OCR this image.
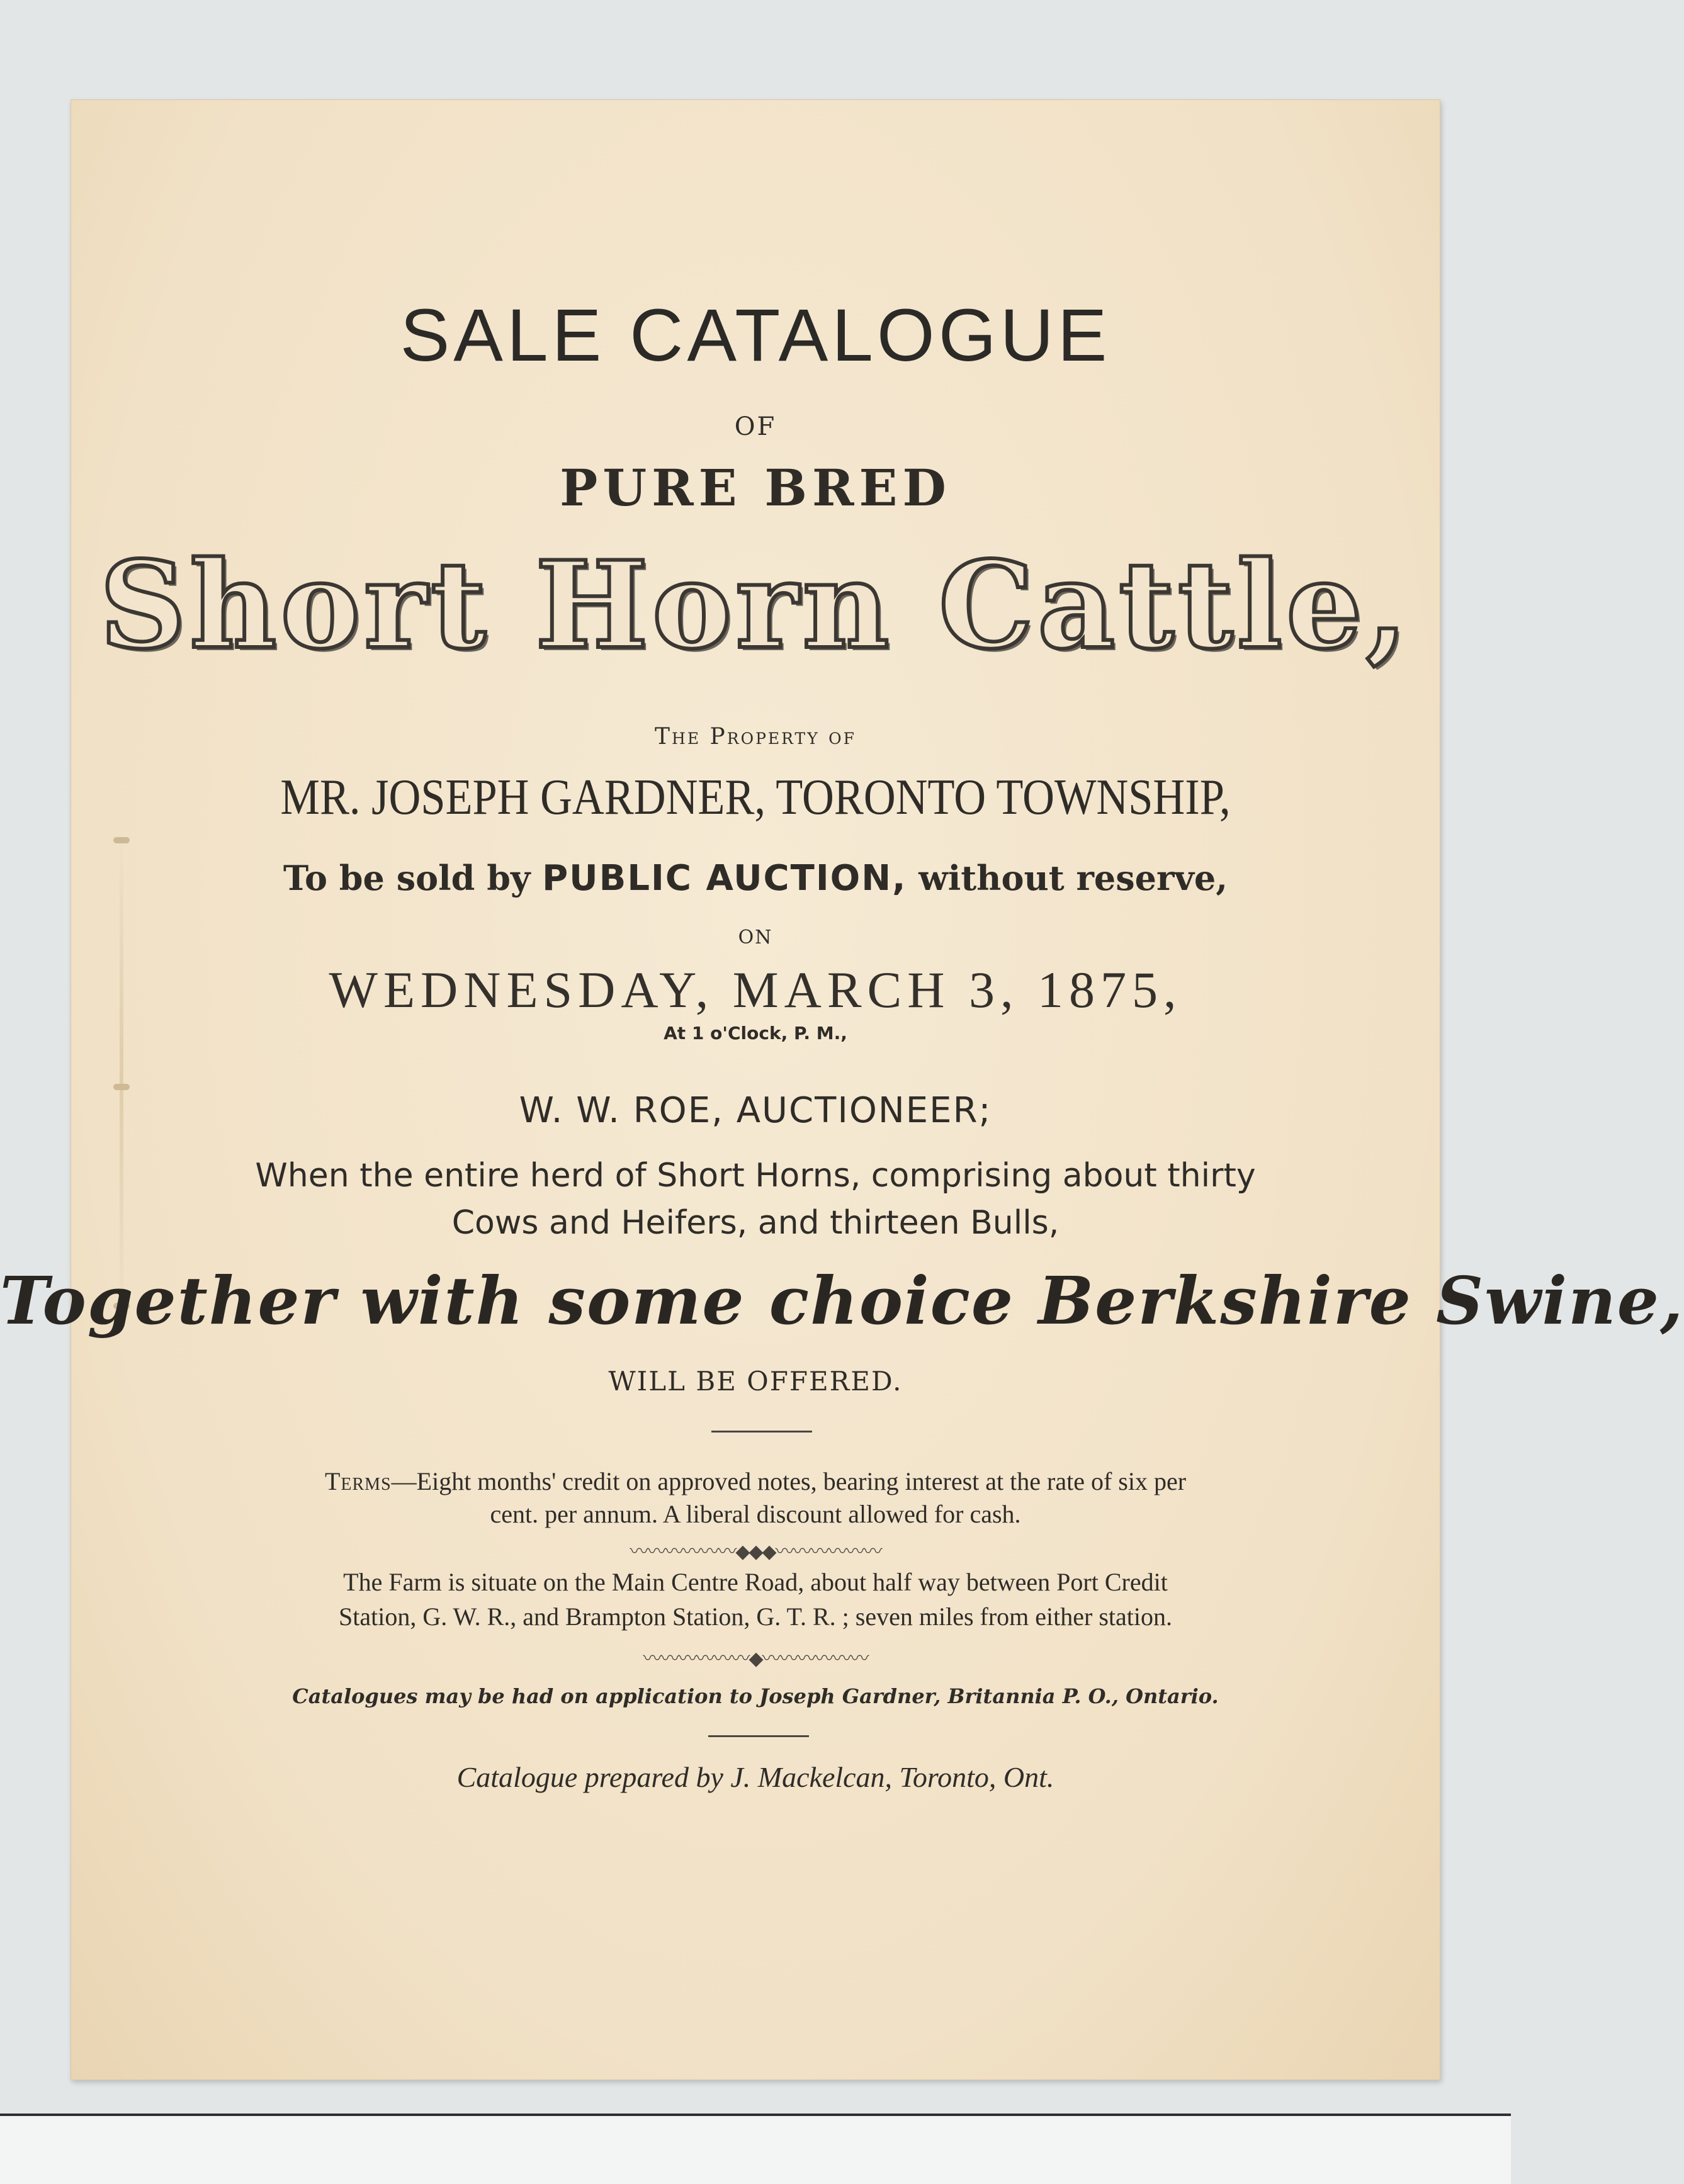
SALE CATALOGUE
OF
PURE BRED
Short Horn Cattle,
The Property of
MR. JOSEPH GARDNER, TORONTO TOWNSHIP,
To be sold by PUBLIC AUCTION, without reserve,
ON
WEDNESDAY, MARCH 3, 1875,
At 1 o'Clock, P. M.,
W. W. ROE, AUCTIONEER;
When the entire herd of Short Horns, comprising about thirty
Cows and Heifers, and thirteen Bulls,
Together with some choice Berkshire Swine,
WILL BE OFFERED.
Terms—Eight months' credit on approved notes, bearing interest at the rate of six per
cent. per annum. A liberal discount allowed for cash.
〰〰〰〰〰〰◆◆◆〰〰〰〰〰〰
The Farm is situate on the Main Centre Road, about half way between Port Credit
Station, G. W. R., and Brampton Station, G. T. R. ; seven miles from either station.
〰〰〰〰〰〰◆〰〰〰〰〰〰
Catalogues may be had on application to Joseph Gardner, Britannia P. O., Ontario.
Catalogue prepared by J. Mackelcan, Toronto, Ont.
